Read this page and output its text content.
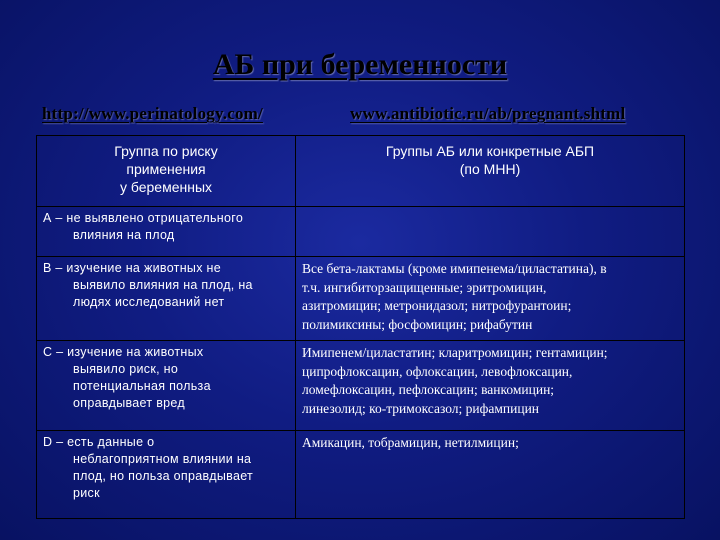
АБ при беременности
http://www.perinatology.com/	www.antibiotic.ru/ab/pregnant.shtml
Группа по риску
применения
у беременных	Группы АБ или конкретные АБП
(по МНН)

А – не выявлено отрицательного
влияния на плод	

В – изучение на животных не
выявило влияния на плод, на
людях исследований нет	Все бета-лактамы (кроме имипенема/циластатина), в
т.ч. ингибиторзащищенные; эритромицин,
азитромицин; метронидазол; нитрофурантоин;
полимиксины; фосфомицин; рифабутин

С – изучение на животных
выявило риск, но
потенциальная польза
оправдывает вред	Имипенем/циластатин; кларитромицин; гентамицин;
ципрофлоксацин, офлоксацин, левофлоксацин,
ломефлоксацин, пефлоксацин; ванкомицин;
линезолид; ко-тримоксазол; рифампицин

D – есть данные о
неблагоприятном влиянии на
плод, но польза оправдывает
риск	Амикацин, тобрамицин, нетилмицин;
